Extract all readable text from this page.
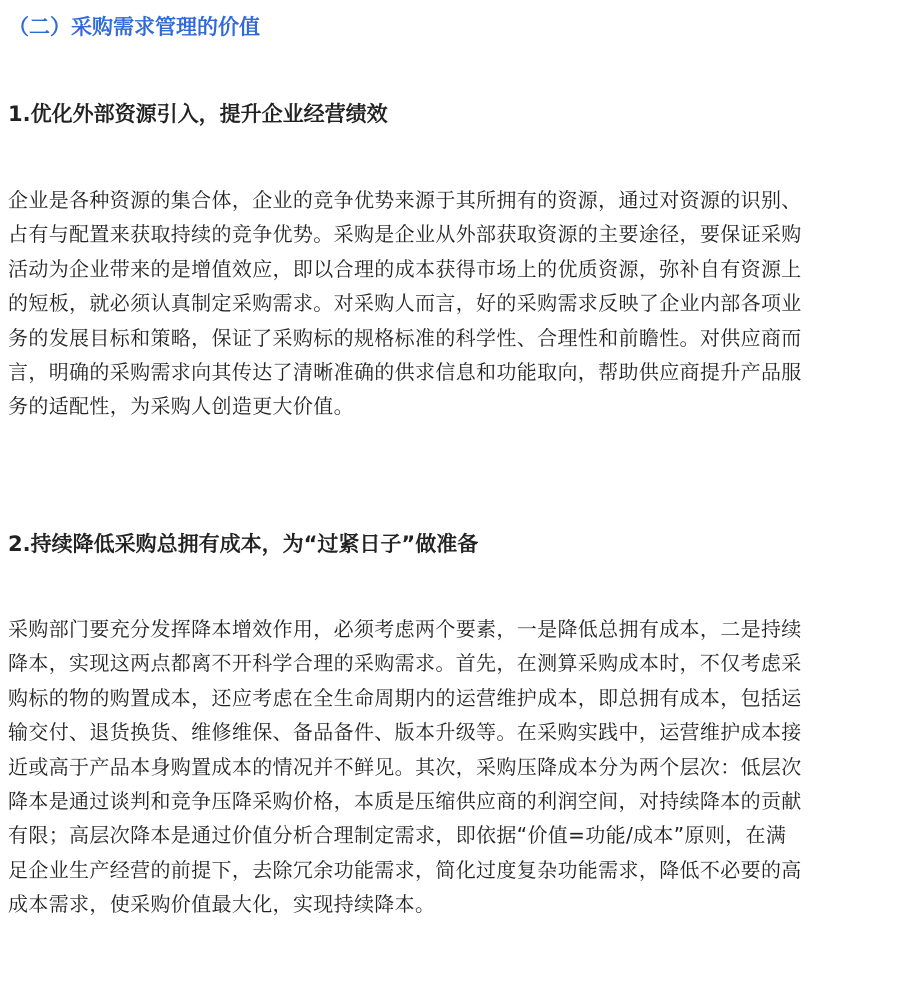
（二）采购需求管理的价值
1.优化外部资源引入，提升企业经营绩效

企业是各种资源的集合体，企业的竞争优势来源于其所拥有的资源，通过对资源的识别、
占有与配置来获取持续的竞争优势。采购是企业从外部获取资源的主要途径，要保证采购
活动为企业带来的是增值效应，即以合理的成本获得市场上的优质资源，弥补自有资源上
的短板，就必须认真制定采购需求。对采购人而言，好的采购需求反映了企业内部各项业
务的发展目标和策略，保证了采购标的规格标准的科学性、合理性和前瞻性。对供应商而
言，明确的采购需求向其传达了清晰准确的供求信息和功能取向，帮助供应商提升产品服
务的适配性，为采购人创造更大价值。

2.持续降低采购总拥有成本，为“过紧日子”做准备

采购部门要充分发挥降本增效作用，必须考虑两个要素，一是降低总拥有成本，二是持续
降本，实现这两点都离不开科学合理的采购需求。首先，在测算采购成本时，不仅考虑采
购标的物的购置成本，还应考虑在全生命周期内的运营维护成本，即总拥有成本，包括运
输交付、退货换货、维修维保、备品备件、版本升级等。在采购实践中，运营维护成本接
近或高于产品本身购置成本的情况并不鲜见。其次，采购压降成本分为两个层次：低层次
降本是通过谈判和竞争压降采购价格，本质是压缩供应商的利润空间，对持续降本的贡献
有限；高层次降本是通过价值分析合理制定需求，即依据“价值=功能/成本”原则，在满
足企业生产经营的前提下，去除冗余功能需求，简化过度复杂功能需求，降低不必要的高
成本需求，使采购价值最大化，实现持续降本。
